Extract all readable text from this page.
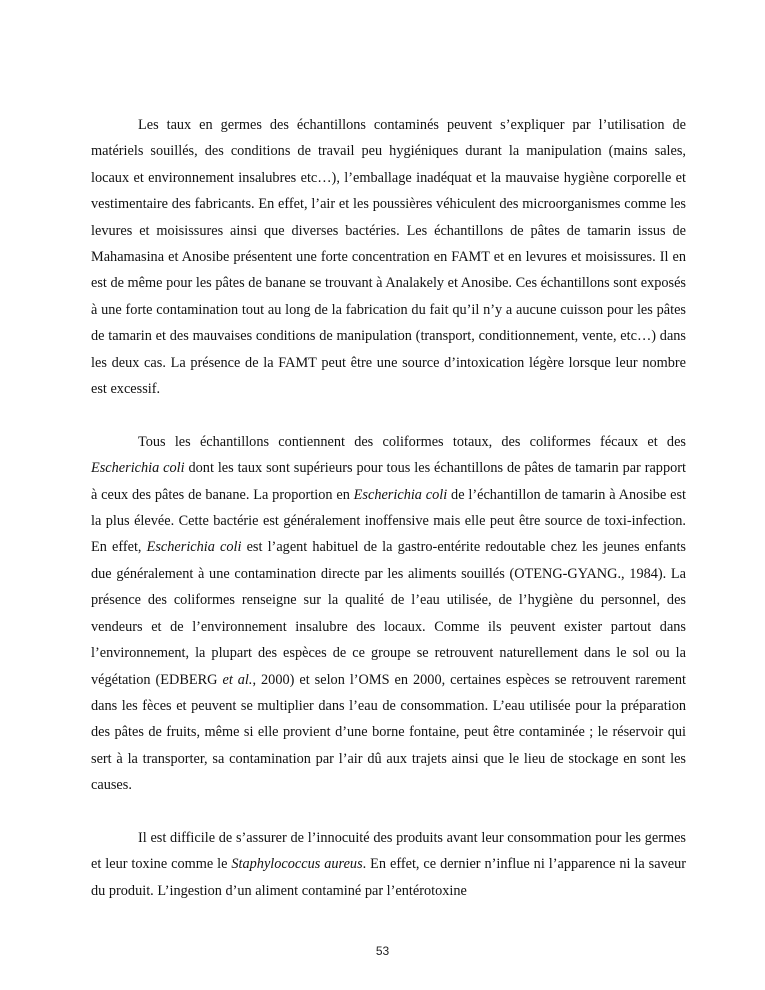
Les taux en germes des échantillons contaminés peuvent s’expliquer par l’utilisation de matériels souillés, des conditions de travail peu hygiéniques durant la manipulation (mains sales, locaux et environnement insalubres etc…), l’emballage inadéquat et la mauvaise hygiène corporelle et vestimentaire des fabricants. En effet, l’air et les poussières véhiculent des microorganismes comme les levures et moisissures ainsi que diverses bactéries. Les échantillons de pâtes de tamarin issus de Mahamasina et Anosibe présentent une forte concentration en FAMT et en levures et moisissures. Il en est de même pour les pâtes de banane se trouvant à Analakely et Anosibe. Ces échantillons sont exposés à une forte contamination tout au long de la fabrication du fait qu’il n’y a aucune cuisson pour les pâtes de tamarin et des mauvaises conditions de manipulation (transport, conditionnement, vente, etc…) dans les deux cas. La présence de la FAMT peut être une source d’intoxication légère lorsque leur nombre est excessif.

Tous les échantillons contiennent des coliformes totaux, des coliformes fécaux et des Escherichia coli dont les taux sont supérieurs pour tous les échantillons de pâtes de tamarin par rapport à ceux des pâtes de banane. La proportion en Escherichia coli de l’échantillon de tamarin à Anosibe est la plus élevée. Cette bactérie est généralement inoffensive mais elle peut être source de toxi-infection. En effet, Escherichia coli est l’agent habituel de la gastro-entérite redoutable chez les jeunes enfants due généralement à une contamination directe par les aliments souillés (OTENG-GYANG., 1984). La présence des coliformes renseigne sur la qualité de l’eau utilisée, de l’hygiène du personnel, des vendeurs et de l’environnement insalubre des locaux. Comme ils peuvent exister partout dans l’environnement, la plupart des espèces de ce groupe se retrouvent naturellement dans le sol ou la végétation (EDBERG et al., 2000) et selon l’OMS en 2000, certaines espèces se retrouvent rarement dans les fèces et peuvent se multiplier dans l’eau de consommation. L’eau utilisée pour la préparation des pâtes de fruits, même si elle provient d’une borne fontaine, peut être contaminée ; le réservoir qui sert à la transporter, sa contamination par l’air dû aux trajets ainsi que le lieu de stockage en sont les causes.

Il est difficile de s’assurer de l’innocuité des produits avant leur consommation pour les germes et leur toxine comme le Staphylococcus aureus. En effet, ce dernier n’influe ni l’apparence ni la saveur du produit. L’ingestion d’un aliment contaminé par l’entérotoxine

53
